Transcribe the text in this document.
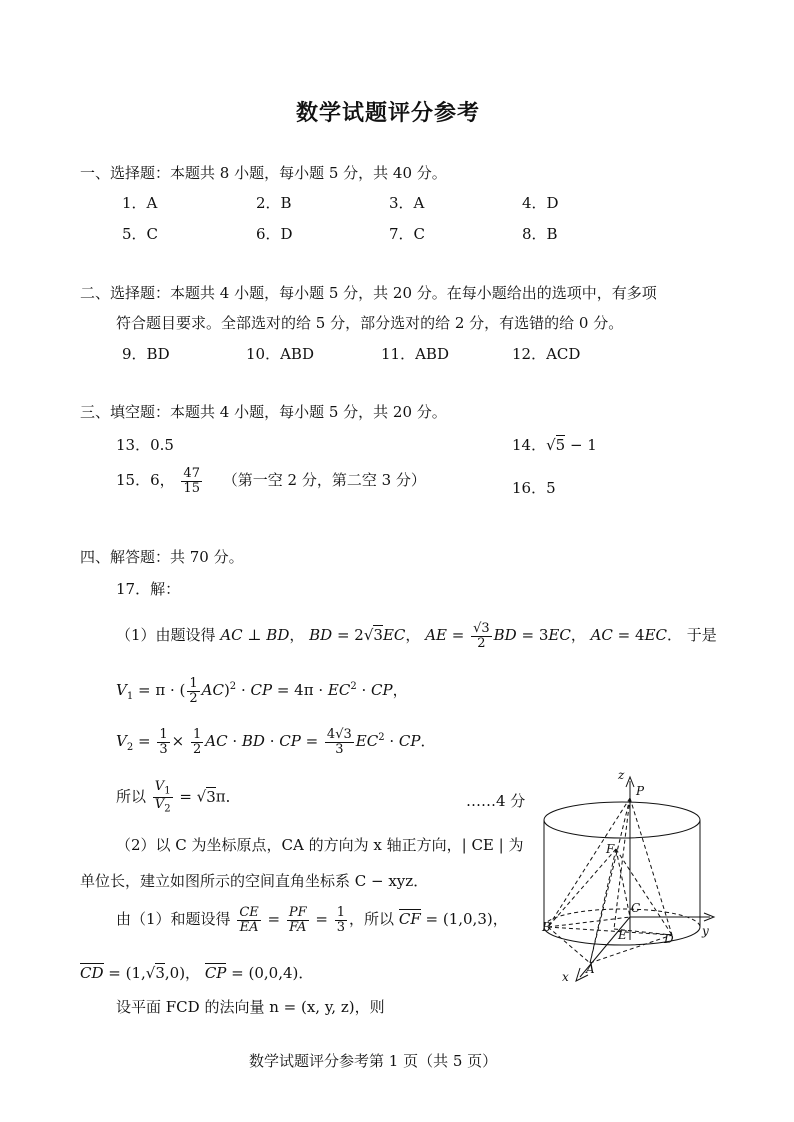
数学试题评分参考
一、选择题：本题共 8 小题，每小题 5 分，共 40 分。
1．A	2．B	3．A	4．D
5．C	6．D	7．C	8．B
二、选择题：本题共 4 小题，每小题 5 分，共 20 分。在每小题给出的选项中，有多项
符合题目要求。全部选对的给 5 分，部分选对的给 2 分，有选错的给 0 分。
9．BD	10．ABD	11．ABD	12．ACD
三、填空题：本题共 4 小题，每小题 5 分，共 20 分。
13．0.5	14．√5 − 1
15．6， $\frac{47}{15}$ （第一空 2 分，第二空 3 分）	16．5
四、解答题：共 70 分。
17．解：
（1）由题设得 AC ⊥ BD， BD = 2√3EC， AE = $\frac{√3}{2}$ BD = 3EC， AC = 4EC． 于是
$V_1 = \pi$ · ( $\frac{1}{2} AC)^2$ · CP = $4\pi \cdot EC^2$ · CP，
$V_2 = \frac{1}{3} \times \frac{1}{2}$ AC · BD · CP = $\frac{4√3}{3} EC^2$ · CP．
所以 $\frac{V_1}{V_2} = √3\pi$．	……4 分
（2）以 C 为坐标原点，CA 的方向为 x 轴正方向，| CE | 为
单位长，建立如图所示的空间直角坐标系 C − xyz．
由（1）和题设得 $\frac{CE}{EA} = \frac{PF}{FA} = \frac{1}{3}$ ，所以 CF = (1,0,3)，
CD = (1,√3,0)， CP = (0,0,4)．
设平面 FCD 的法向量 n = (x, y, z)，则
z
P
F
C
B
E	D
A
x
y
数学试题评分参考第 1 页（共 5 页）
